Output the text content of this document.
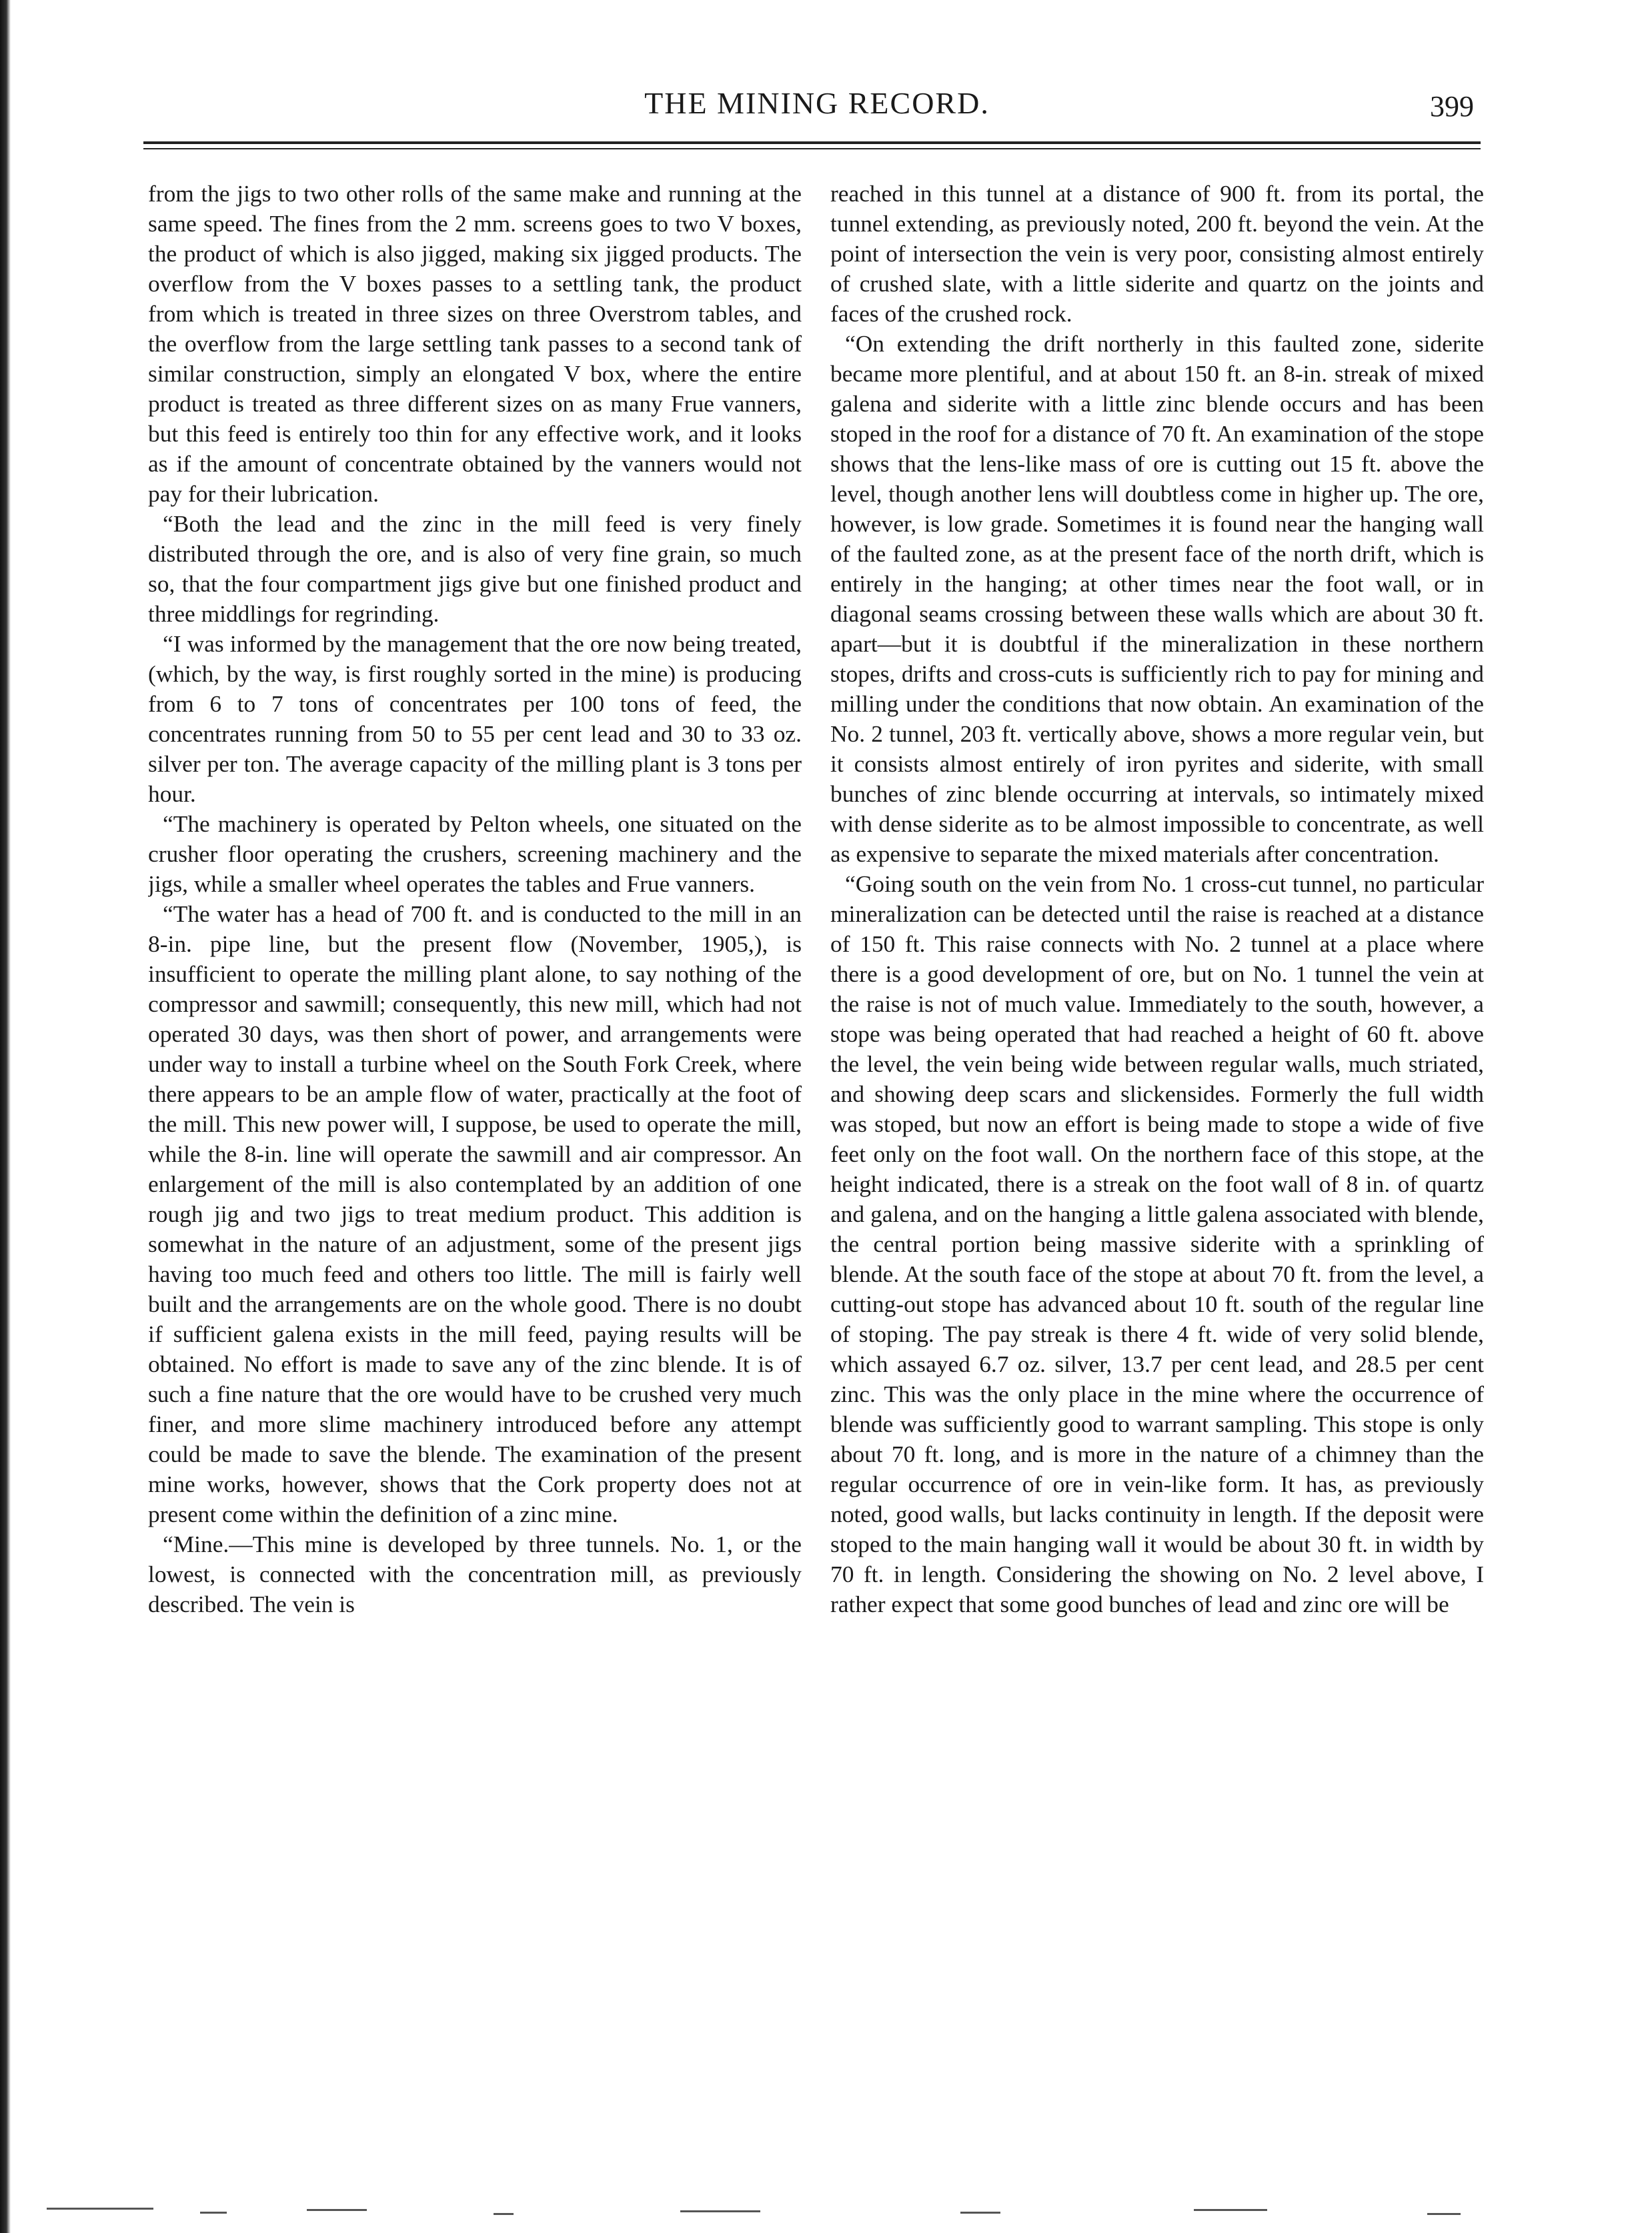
THE MINING RECORD.	399

from the jigs to two other rolls of the same make and running at the same speed. The fines from the 2 mm. screens goes to two V boxes, the product of which is also jigged, making six jigged products. The overflow from the V boxes passes to a settling tank, the product from which is treated in three sizes on three Overstrom tables, and the overflow from the large settling tank passes to a second tank of similar construction, simply an elongated V box, where the entire product is treated as three different sizes on as many Frue vanners, but this feed is entirely too thin for any effective work, and it looks as if the amount of concentrate obtained by the vanners would not pay for their lubrication.

“Both the lead and the zinc in the mill feed is very finely distributed through the ore, and is also of very fine grain, so much so, that the four compartment jigs give but one finished product and three middlings for regrinding.

“I was informed by the management that the ore now being treated, (which, by the way, is first roughly sorted in the mine) is producing from 6 to 7 tons of concentrates per 100 tons of feed, the concentrates running from 50 to 55 per cent lead and 30 to 33 oz. silver per ton. The average capacity of the milling plant is 3 tons per hour.

“The machinery is operated by Pelton wheels, one situated on the crusher floor operating the crushers, screening machinery and the jigs, while a smaller wheel operates the tables and Frue vanners.

“The water has a head of 700 ft. and is conducted to the mill in an 8-in. pipe line, but the present flow (November, 1905,), is insufficient to operate the milling plant alone, to say nothing of the compressor and sawmill; consequently, this new mill, which had not operated 30 days, was then short of power, and arrangements were under way to install a turbine wheel on the South Fork Creek, where there appears to be an ample flow of water, practically at the foot of the mill. This new power will, I suppose, be used to operate the mill, while the 8-in. line will operate the sawmill and air compressor. An enlargement of the mill is also contemplated by an addition of one rough jig and two jigs to treat medium product. This addition is somewhat in the nature of an adjustment, some of the present jigs having too much feed and others too little. The mill is fairly well built and the arrangements are on the whole good. There is no doubt if sufficient galena exists in the mill feed, paying results will be obtained. No effort is made to save any of the zinc blende. It is of such a fine nature that the ore would have to be crushed very much finer, and more slime machinery introduced before any attempt could be made to save the blende. The examination of the present mine works, however, shows that the Cork property does not at present come within the definition of a zinc mine.

“Mine.—This mine is developed by three tunnels. No. 1, or the lowest, is connected with the concentration mill, as previously described. The vein is

reached in this tunnel at a distance of 900 ft. from its portal, the tunnel extending, as previously noted, 200 ft. beyond the vein. At the point of intersection the vein is very poor, consisting almost entirely of crushed slate, with a little siderite and quartz on the joints and faces of the crushed rock.

“On extending the drift northerly in this faulted zone, siderite became more plentiful, and at about 150 ft. an 8-in. streak of mixed galena and siderite with a little zinc blende occurs and has been stoped in the roof for a distance of 70 ft. An examination of the stope shows that the lens-like mass of ore is cutting out 15 ft. above the level, though another lens will doubtless come in higher up. The ore, however, is low grade. Sometimes it is found near the hanging wall of the faulted zone, as at the present face of the north drift, which is entirely in the hanging; at other times near the foot wall, or in diagonal seams crossing between these walls which are about 30 ft. apart—but it is doubtful if the mineralization in these northern stopes, drifts and cross-cuts is sufficiently rich to pay for mining and milling under the conditions that now obtain. An examination of the No. 2 tunnel, 203 ft. vertically above, shows a more regular vein, but it consists almost entirely of iron pyrites and siderite, with small bunches of zinc blende occurring at intervals, so intimately mixed with dense siderite as to be almost impossible to concentrate, as well as expensive to separate the mixed materials after concentration.

“Going south on the vein from No. 1 cross-cut tunnel, no particular mineralization can be detected until the raise is reached at a distance of 150 ft. This raise connects with No. 2 tunnel at a place where there is a good development of ore, but on No. 1 tunnel the vein at the raise is not of much value. Immediately to the south, however, a stope was being operated that had reached a height of 60 ft. above the level, the vein being wide between regular walls, much striated, and showing deep scars and slickensides. Formerly the full width was stoped, but now an effort is being made to stope a wide of five feet only on the foot wall. On the northern face of this stope, at the height indicated, there is a streak on the foot wall of 8 in. of quartz and galena, and on the hanging a little galena associated with blende, the central portion being massive siderite with a sprinkling of blende. At the south face of the stope at about 70 ft. from the level, a cutting-out stope has advanced about 10 ft. south of the regular line of stoping. The pay streak is there 4 ft. wide of very solid blende, which assayed 6.7 oz. silver, 13.7 per cent lead, and 28.5 per cent zinc. This was the only place in the mine where the occurrence of blende was sufficiently good to warrant sampling. This stope is only about 70 ft. long, and is more in the nature of a chimney than the regular occurrence of ore in vein-like form. It has, as previously noted, good walls, but lacks continuity in length. If the deposit were stoped to the main hanging wall it would be about 30 ft. in width by 70 ft. in length. Considering the showing on No. 2 level above, I rather expect that some good bunches of lead and zinc ore will be
